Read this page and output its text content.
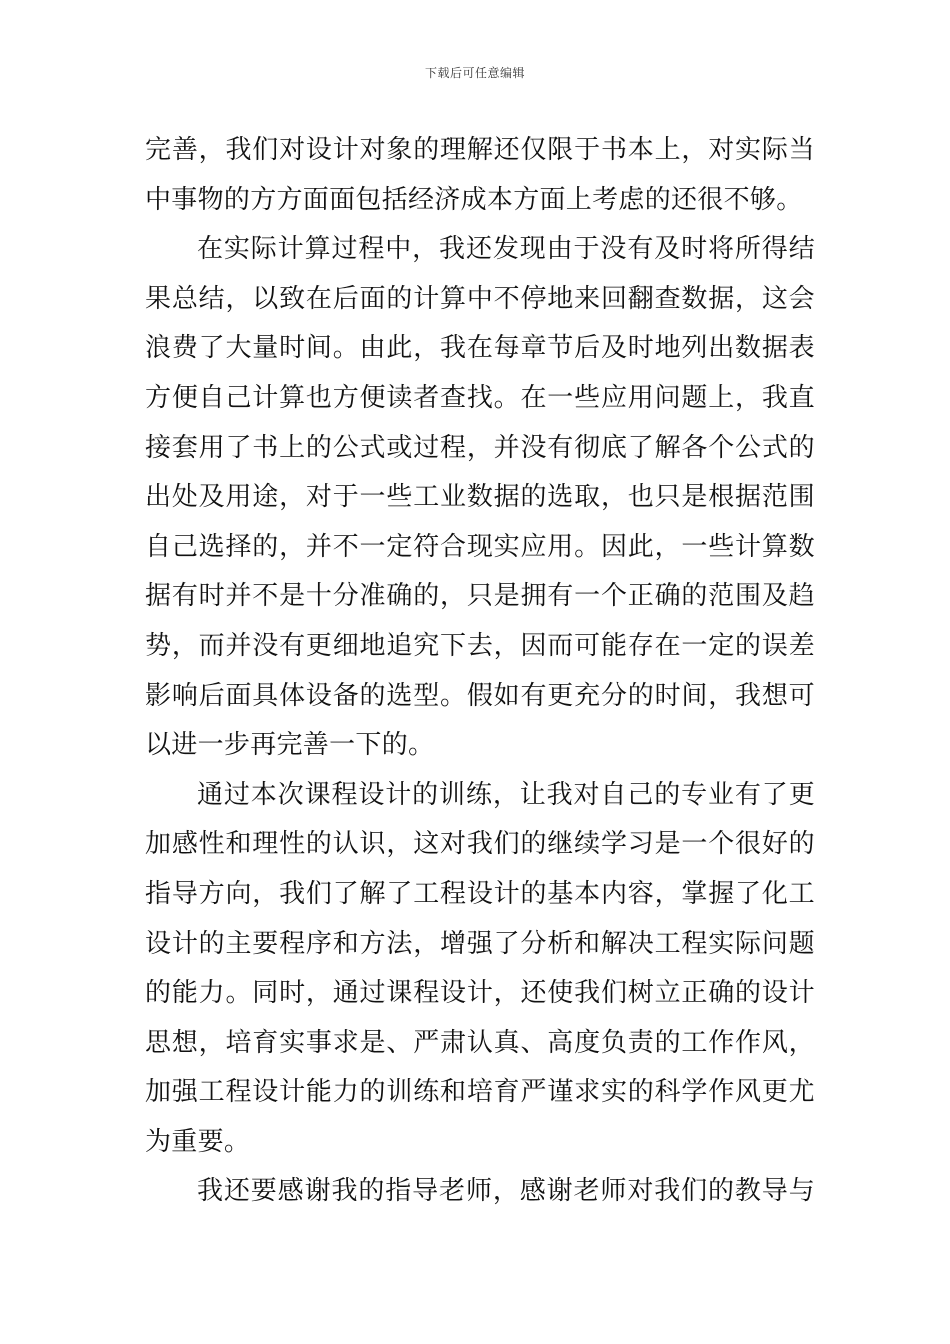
下载后可任意编辑
完善，我们对设计对象的理解还仅限于书本上，对实际当
中事物的方方面面包括经济成本方面上考虑的还很不够。
在实际计算过程中，我还发现由于没有及时将所得结
果总结，以致在后面的计算中不停地来回翻查数据，这会
浪费了大量时间。由此，我在每章节后及时地列出数据表
方便自己计算也方便读者查找。在一些应用问题上，我直
接套用了书上的公式或过程，并没有彻底了解各个公式的
出处及用途，对于一些工业数据的选取，也只是根据范围
自己选择的，并不一定符合现实应用。因此，一些计算数
据有时并不是十分准确的，只是拥有一个正确的范围及趋
势，而并没有更细地追究下去，因而可能存在一定的误差
影响后面具体设备的选型。假如有更充分的时间，我想可
以进一步再完善一下的。
通过本次课程设计的训练，让我对自己的专业有了更
加感性和理性的认识，这对我们的继续学习是一个很好的
指导方向，我们了解了工程设计的基本内容，掌握了化工
设计的主要程序和方法，增强了分析和解决工程实际问题
的能力。同时，通过课程设计，还使我们树立正确的设计
思想，培育实事求是、严肃认真、高度负责的工作作风，
加强工程设计能力的训练和培育严谨求实的科学作风更尤
为重要。
我还要感谢我的指导老师，感谢老师对我们的教导与
